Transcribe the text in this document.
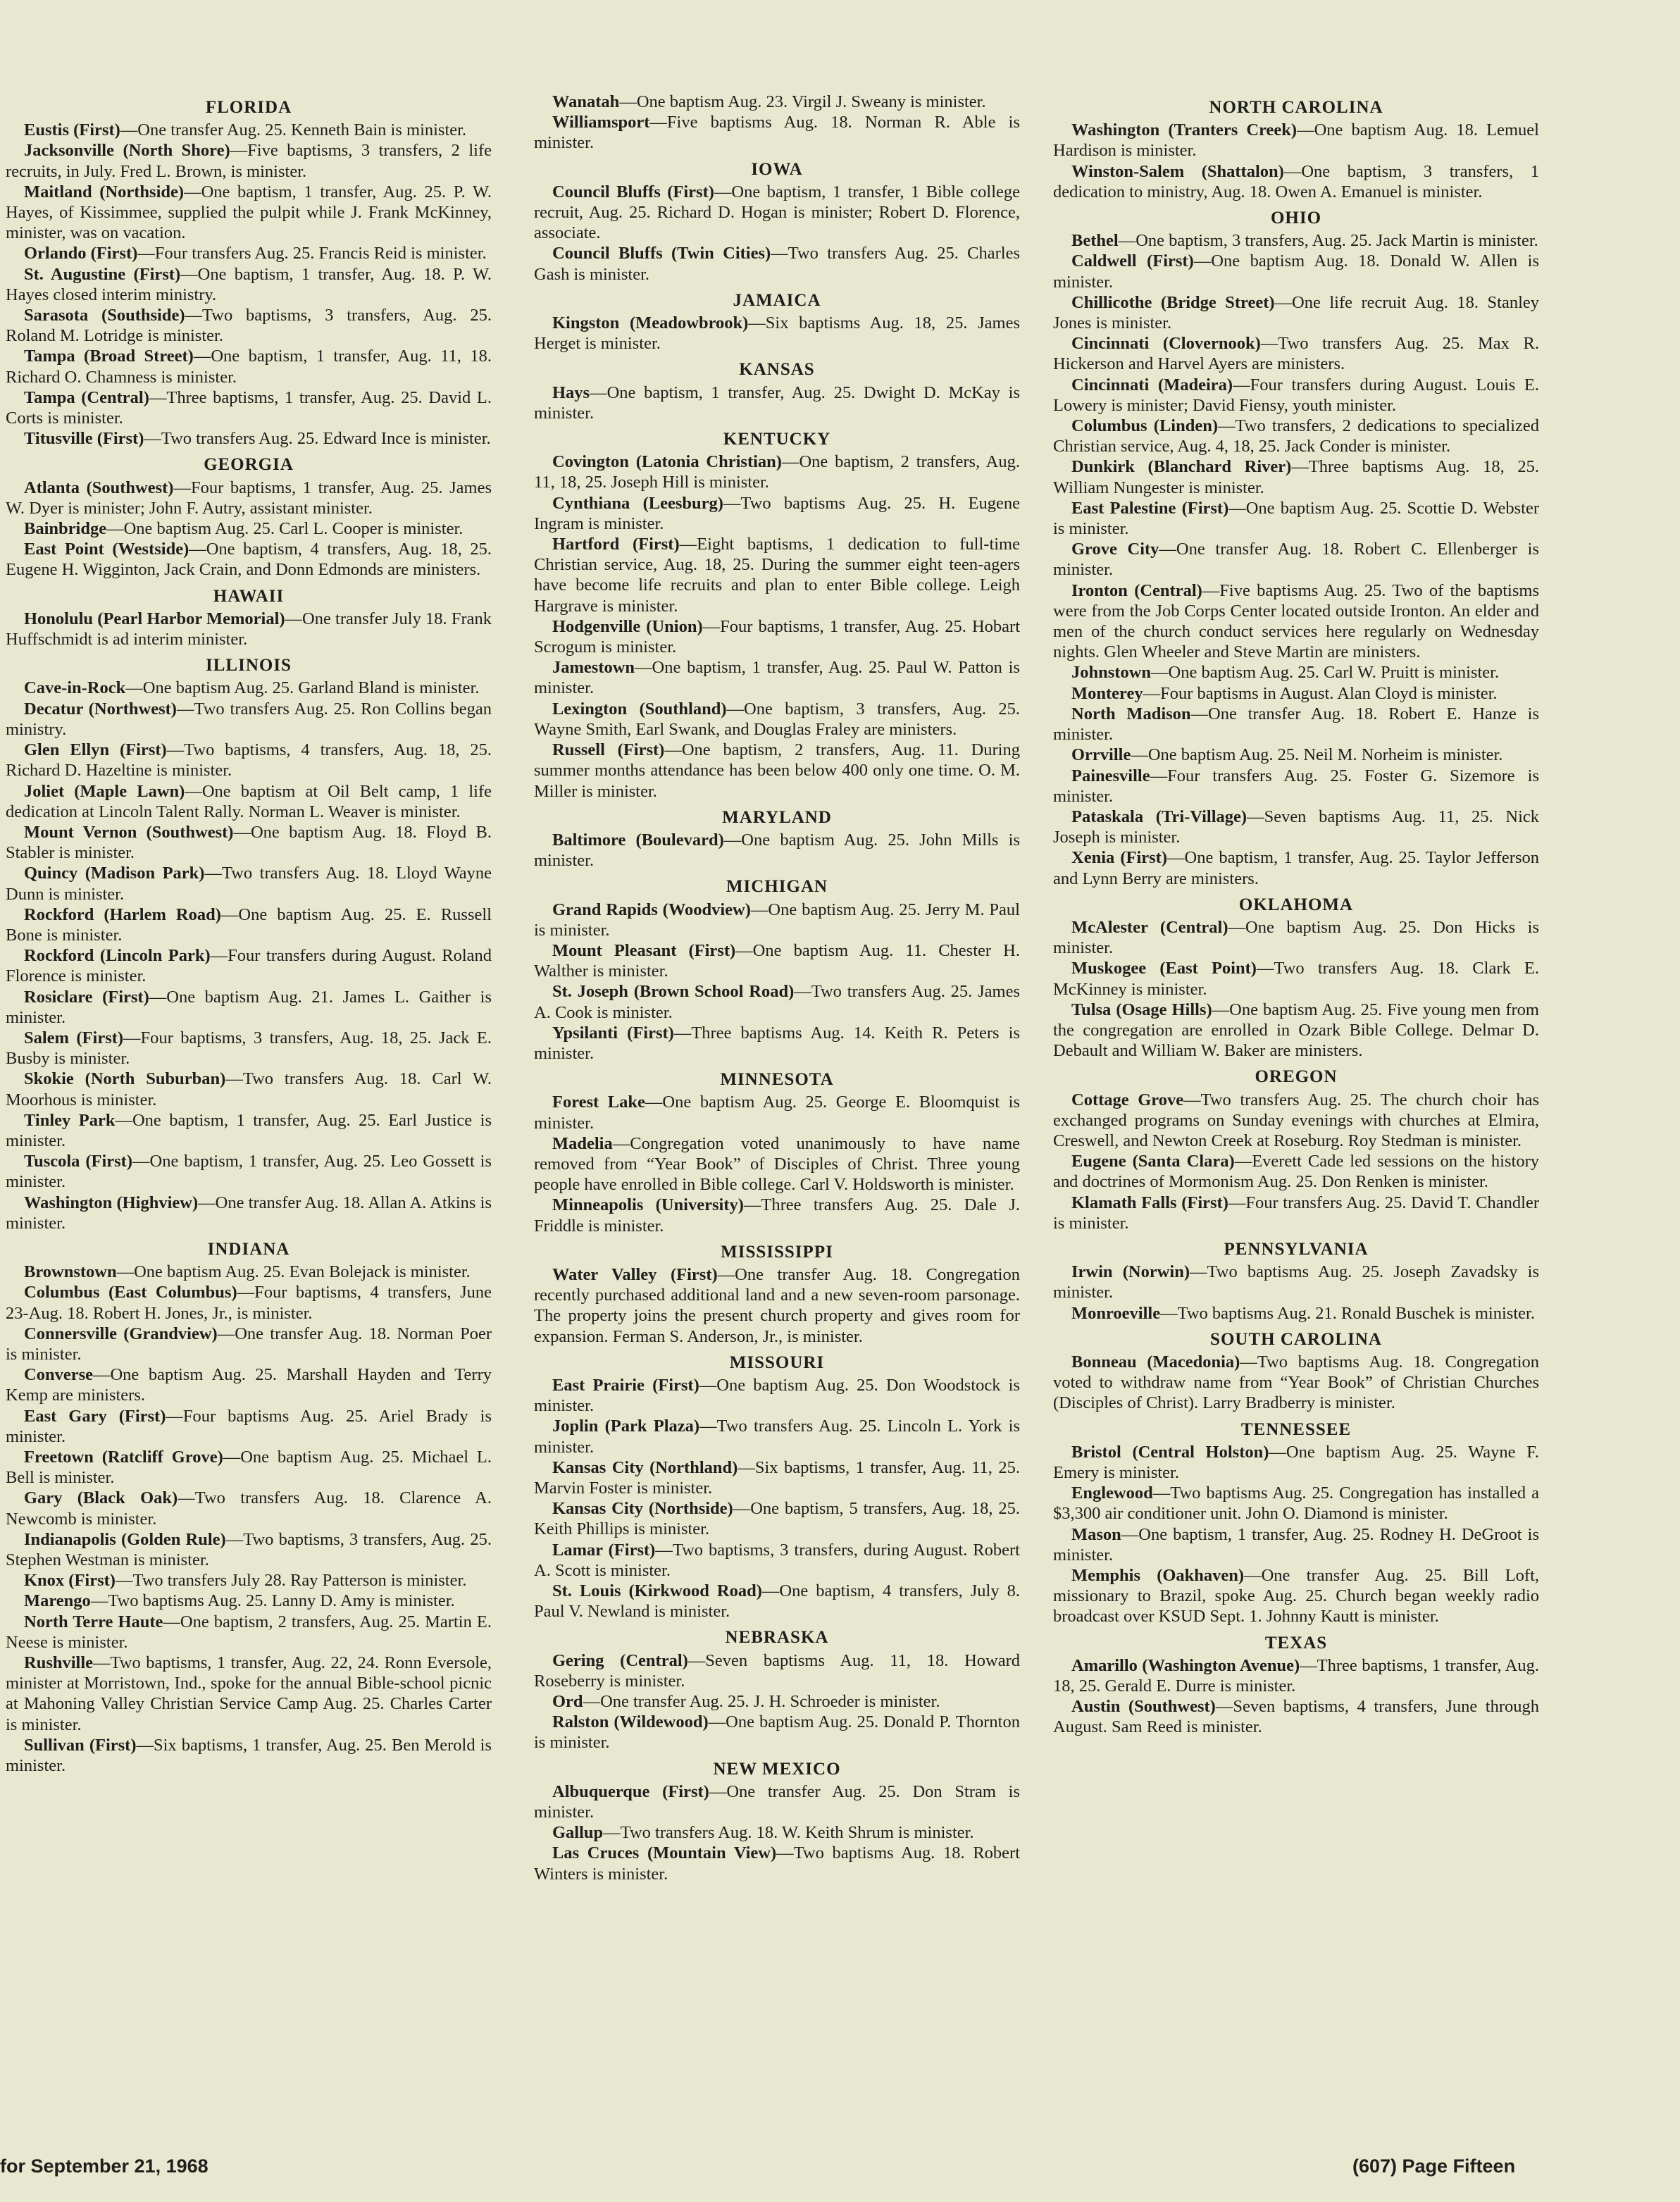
FLORIDA

Eustis (First)—One transfer Aug. 25. Kenneth Bain is minister.

Jacksonville (North Shore)—Five baptisms, 3 transfers, 2 life recruits, in July. Fred L. Brown, is minister.

Maitland (Northside)—One baptism, 1 transfer, Aug. 25. P. W. Hayes, of Kissimmee, supplied the pulpit while J. Frank McKinney, minister, was on vacation.

Orlando (First)—Four transfers Aug. 25. Francis Reid is minister.

St. Augustine (First)—One baptism, 1 transfer, Aug. 18. P. W. Hayes closed interim ministry.

Sarasota (Southside)—Two baptisms, 3 transfers, Aug. 25. Roland M. Lotridge is minister.

Tampa (Broad Street)—One baptism, 1 transfer, Aug. 11, 18. Richard O. Chamness is minister.

Tampa (Central)—Three baptisms, 1 transfer, Aug. 25. David L. Corts is minister.

Titusville (First)—Two transfers Aug. 25. Edward Ince is minister.

GEORGIA

Atlanta (Southwest)—Four baptisms, 1 transfer, Aug. 25. James W. Dyer is minister; John F. Autry, assistant minister.

Bainbridge—One baptism Aug. 25. Carl L. Cooper is minister.

East Point (Westside)—One baptism, 4 transfers, Aug. 18, 25. Eugene H. Wigginton, Jack Crain, and Donn Edmonds are ministers.

HAWAII

Honolulu (Pearl Harbor Memorial)—One transfer July 18. Frank Huffschmidt is ad interim minister.

ILLINOIS

Cave-in-Rock—One baptism Aug. 25. Garland Bland is minister.

Decatur (Northwest)—Two transfers Aug. 25. Ron Collins began ministry.

Glen Ellyn (First)—Two baptisms, 4 transfers, Aug. 18, 25. Richard D. Hazeltine is minister.

Joliet (Maple Lawn)—One baptism at Oil Belt camp, 1 life dedication at Lincoln Talent Rally. Norman L. Weaver is minister.

Mount Vernon (Southwest)—One baptism Aug. 18. Floyd B. Stabler is minister.

Quincy (Madison Park)—Two transfers Aug. 18. Lloyd Wayne Dunn is minister.

Rockford (Harlem Road)—One baptism Aug. 25. E. Russell Bone is minister.

Rockford (Lincoln Park)—Four transfers during August. Roland Florence is minister.

Rosiclare (First)—One baptism Aug. 21. James L. Gaither is minister.

Salem (First)—Four baptisms, 3 transfers, Aug. 18, 25. Jack E. Busby is minister.

Skokie (North Suburban)—Two transfers Aug. 18. Carl W. Moorhous is minister.

Tinley Park—One baptism, 1 transfer, Aug. 25. Earl Justice is minister.

Tuscola (First)—One baptism, 1 transfer, Aug. 25. Leo Gossett is minister.

Washington (Highview)—One transfer Aug. 18. Allan A. Atkins is minister.

INDIANA

Brownstown—One baptism Aug. 25. Evan Bolejack is minister.

Columbus (East Columbus)—Four baptisms, 4 transfers, June 23-Aug. 18. Robert H. Jones, Jr., is minister.

Connersville (Grandview)—One transfer Aug. 18. Norman Poer is minister.

Converse—One baptism Aug. 25. Marshall Hayden and Terry Kemp are ministers.

East Gary (First)—Four baptisms Aug. 25. Ariel Brady is minister.

Freetown (Ratcliff Grove)—One baptism Aug. 25. Michael L. Bell is minister.

Gary (Black Oak)—Two transfers Aug. 18. Clarence A. Newcomb is minister.

Indianapolis (Golden Rule)—Two baptisms, 3 transfers, Aug. 25. Stephen Westman is minister.

Knox (First)—Two transfers July 28. Ray Patterson is minister.

Marengo—Two baptisms Aug. 25. Lanny D. Amy is minister.

North Terre Haute—One baptism, 2 transfers, Aug. 25. Martin E. Neese is minister.

Rushville—Two baptisms, 1 transfer, Aug. 22, 24. Ronn Eversole, minister at Morristown, Ind., spoke for the annual Bible-school picnic at Mahoning Valley Christian Service Camp Aug. 25. Charles Carter is minister.

Sullivan (First)—Six baptisms, 1 transfer, Aug. 25. Ben Merold is minister.

Wanatah—One baptism Aug. 23. Virgil J. Sweany is minister.

Williamsport—Five baptisms Aug. 18. Norman R. Able is minister.

IOWA

Council Bluffs (First)—One baptism, 1 transfer, 1 Bible college recruit, Aug. 25. Richard D. Hogan is minister; Robert D. Florence, associate.

Council Bluffs (Twin Cities)—Two transfers Aug. 25. Charles Gash is minister.

JAMAICA

Kingston (Meadowbrook)—Six baptisms Aug. 18, 25. James Herget is minister.

KANSAS

Hays—One baptism, 1 transfer, Aug. 25. Dwight D. McKay is minister.

KENTUCKY

Covington (Latonia Christian)—One baptism, 2 transfers, Aug. 11, 18, 25. Joseph Hill is minister.

Cynthiana (Leesburg)—Two baptisms Aug. 25. H. Eugene Ingram is minister.

Hartford (First)—Eight baptisms, 1 dedication to full-time Christian service, Aug. 18, 25. During the summer eight teen-agers have become life recruits and plan to enter Bible college. Leigh Hargrave is minister.

Hodgenville (Union)—Four baptisms, 1 transfer, Aug. 25. Hobart Scrogum is minister.

Jamestown—One baptism, 1 transfer, Aug. 25. Paul W. Patton is minister.

Lexington (Southland)—One baptism, 3 transfers, Aug. 25. Wayne Smith, Earl Swank, and Douglas Fraley are ministers.

Russell (First)—One baptism, 2 transfers, Aug. 11. During summer months attendance has been below 400 only one time. O. M. Miller is minister.

MARYLAND

Baltimore (Boulevard)—One baptism Aug. 25. John Mills is minister.

MICHIGAN

Grand Rapids (Woodview)—One baptism Aug. 25. Jerry M. Paul is minister.

Mount Pleasant (First)—One baptism Aug. 11. Chester H. Walther is minister.

St. Joseph (Brown School Road)—Two transfers Aug. 25. James A. Cook is minister.

Ypsilanti (First)—Three baptisms Aug. 14. Keith R. Peters is minister.

MINNESOTA

Forest Lake—One baptism Aug. 25. George E. Bloomquist is minister.

Madelia—Congregation voted unanimously to have name removed from “Year Book” of Disciples of Christ. Three young people have enrolled in Bible college. Carl V. Holdsworth is minister.

Minneapolis (University)—Three transfers Aug. 25. Dale J. Friddle is minister.

MISSISSIPPI

Water Valley (First)—One transfer Aug. 18. Congregation recently purchased additional land and a new seven-room parsonage. The property joins the present church property and gives room for expansion. Ferman S. Anderson, Jr., is minister.

MISSOURI

East Prairie (First)—One baptism Aug. 25. Don Woodstock is minister.

Joplin (Park Plaza)—Two transfers Aug. 25. Lincoln L. York is minister.

Kansas City (Northland)—Six baptisms, 1 transfer, Aug. 11, 25. Marvin Foster is minister.

Kansas City (Northside)—One baptism, 5 transfers, Aug. 18, 25. Keith Phillips is minister.

Lamar (First)—Two baptisms, 3 transfers, during August. Robert A. Scott is minister.

St. Louis (Kirkwood Road)—One baptism, 4 transfers, July 8. Paul V. Newland is minister.

NEBRASKA

Gering (Central)—Seven baptisms Aug. 11, 18. Howard Roseberry is minister.

Ord—One transfer Aug. 25. J. H. Schroeder is minister.

Ralston (Wildewood)—One baptism Aug. 25. Donald P. Thornton is minister.

NEW MEXICO

Albuquerque (First)—One transfer Aug. 25. Don Stram is minister.

Gallup—Two transfers Aug. 18. W. Keith Shrum is minister.

Las Cruces (Mountain View)—Two baptisms Aug. 18. Robert Winters is minister.

NORTH CAROLINA

Washington (Tranters Creek)—One baptism Aug. 18. Lemuel Hardison is minister.

Winston-Salem (Shattalon)—One baptism, 3 transfers, 1 dedication to ministry, Aug. 18. Owen A. Emanuel is minister.

OHIO

Bethel—One baptism, 3 transfers, Aug. 25. Jack Martin is minister.

Caldwell (First)—One baptism Aug. 18. Donald W. Allen is minister.

Chillicothe (Bridge Street)—One life recruit Aug. 18. Stanley Jones is minister.

Cincinnati (Clovernook)—Two transfers Aug. 25. Max R. Hickerson and Harvel Ayers are ministers.

Cincinnati (Madeira)—Four transfers during August. Louis E. Lowery is minister; David Fiensy, youth minister.

Columbus (Linden)—Two transfers, 2 dedications to specialized Christian service, Aug. 4, 18, 25. Jack Conder is minister.

Dunkirk (Blanchard River)—Three baptisms Aug. 18, 25. William Nungester is minister.

East Palestine (First)—One baptism Aug. 25. Scottie D. Webster is minister.

Grove City—One transfer Aug. 18. Robert C. Ellenberger is minister.

Ironton (Central)—Five baptisms Aug. 25. Two of the baptisms were from the Job Corps Center located outside Ironton. An elder and men of the church conduct services here regularly on Wednesday nights. Glen Wheeler and Steve Martin are ministers.

Johnstown—One baptism Aug. 25. Carl W. Pruitt is minister.

Monterey—Four baptisms in August. Alan Cloyd is minister.

North Madison—One transfer Aug. 18. Robert E. Hanze is minister.

Orrville—One baptism Aug. 25. Neil M. Norheim is minister.

Painesville—Four transfers Aug. 25. Foster G. Sizemore is minister.

Pataskala (Tri-Village)—Seven baptisms Aug. 11, 25. Nick Joseph is minister.

Xenia (First)—One baptism, 1 transfer, Aug. 25. Taylor Jefferson and Lynn Berry are ministers.

OKLAHOMA

McAlester (Central)—One baptism Aug. 25. Don Hicks is minister.

Muskogee (East Point)—Two transfers Aug. 18. Clark E. McKinney is minister.

Tulsa (Osage Hills)—One baptism Aug. 25. Five young men from the congregation are enrolled in Ozark Bible College. Delmar D. Debault and William W. Baker are ministers.

OREGON

Cottage Grove—Two transfers Aug. 25. The church choir has exchanged programs on Sunday evenings with churches at Elmira, Creswell, and Newton Creek at Roseburg. Roy Stedman is minister.

Eugene (Santa Clara)—Everett Cade led sessions on the history and doctrines of Mormonism Aug. 25. Don Renken is minister.

Klamath Falls (First)—Four transfers Aug. 25. David T. Chandler is minister.

PENNSYLVANIA

Irwin (Norwin)—Two baptisms Aug. 25. Joseph Zavadsky is minister.

Monroeville—Two baptisms Aug. 21. Ronald Buschek is minister.

SOUTH CAROLINA

Bonneau (Macedonia)—Two baptisms Aug. 18. Congregation voted to withdraw name from “Year Book” of Christian Churches (Disciples of Christ). Larry Bradberry is minister.

TENNESSEE

Bristol (Central Holston)—One baptism Aug. 25. Wayne F. Emery is minister.

Englewood—Two baptisms Aug. 25. Congregation has installed a $3,300 air conditioner unit. John O. Diamond is minister.

Mason—One baptism, 1 transfer, Aug. 25. Rodney H. DeGroot is minister.

Memphis (Oakhaven)—One transfer Aug. 25. Bill Loft, missionary to Brazil, spoke Aug. 25. Church began weekly radio broadcast over KSUD Sept. 1. Johnny Kautt is minister.

TEXAS

Amarillo (Washington Avenue)—Three baptisms, 1 transfer, Aug. 18, 25. Gerald E. Durre is minister.

Austin (Southwest)—Seven baptisms, 4 transfers, June through August. Sam Reed is minister.

for September 21, 1968	(607) Page Fifteen
